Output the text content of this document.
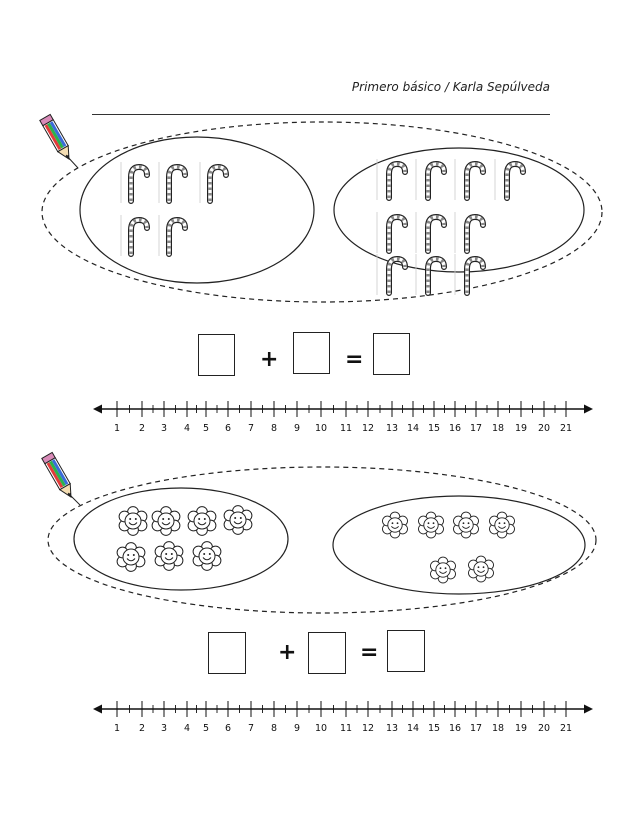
Primero básico / Karla Sepúlveda
1 2 3 4 5 6 7 8 9 10 11 12 13 14 15 16 17 18 19 20 21
1 2 3 4 5 6 7 8 9 10 11 12 13 14 15 16 17 18 19 20 21
+	=
+	=
